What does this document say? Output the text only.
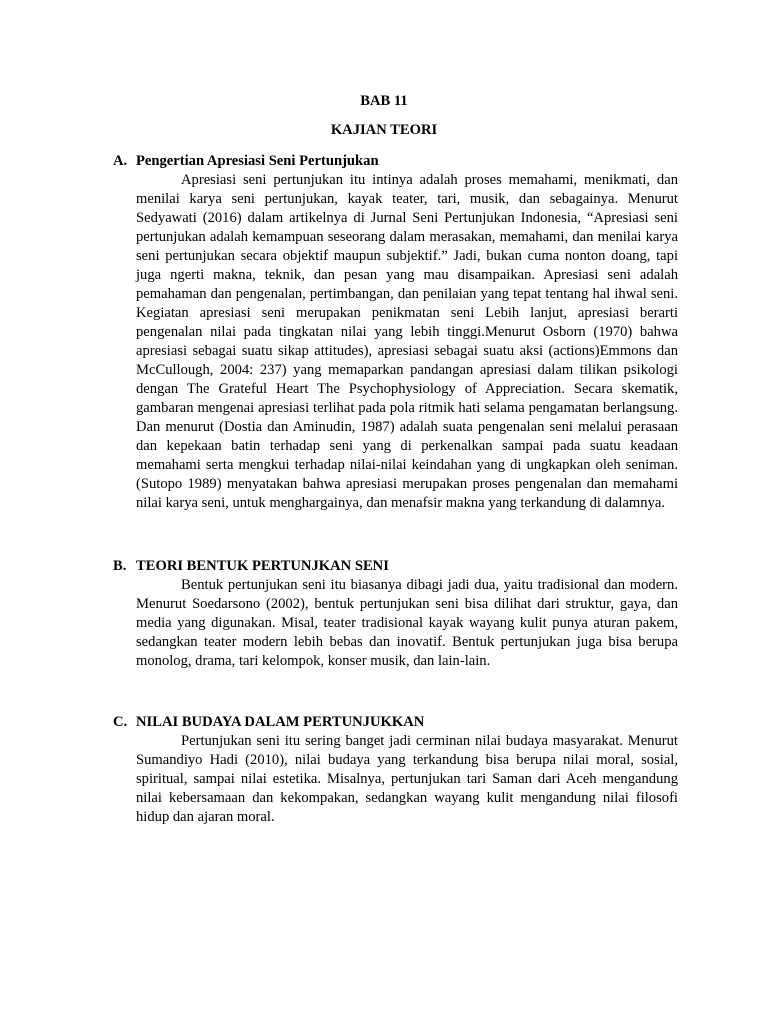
BAB 11
KAJIAN TEORI
A. Pengertian Apresiasi Seni Pertunjukan
Apresiasi seni pertunjukan itu intinya adalah proses memahami, menikmati, dan menilai karya seni pertunjukan, kayak teater, tari, musik, dan sebagainya. Menurut Sedyawati (2016) dalam artikelnya di Jurnal Seni Pertunjukan Indonesia, “Apresiasi seni pertunjukan adalah kemampuan seseorang dalam merasakan, memahami, dan menilai karya seni pertunjukan secara objektif maupun subjektif.” Jadi, bukan cuma nonton doang, tapi juga ngerti makna, teknik, dan pesan yang mau disampaikan. Apresiasi seni adalah pemahaman dan pengenalan, pertimbangan, dan penilaian yang tepat tentang hal ihwal seni. Kegiatan apresiasi seni merupakan penikmatan seni Lebih lanjut, apresiasi berarti pengenalan nilai pada tingkatan nilai yang lebih tinggi.Menurut Osborn (1970) bahwa apresiasi sebagai suatu sikap attitudes), apresiasi sebagai suatu aksi (actions)Emmons dan McCullough, 2004: 237) yang memaparkan pandangan apresiasi dalam tilikan psikologi dengan The Grateful Heart The Psychophysiology of Appreciation. Secara skematik, gambaran mengenai apresiasi terlihat pada pola ritmik hati selama pengamatan berlangsung. Dan menurut (Dostia dan Aminudin, 1987) adalah suata pengenalan seni melalui perasaan dan kepekaan batin terhadap seni yang di perkenalkan sampai pada suatu keadaan memahami serta mengkui terhadap nilai-nilai keindahan yang di ungkapkan oleh seniman. (Sutopo 1989) menyatakan bahwa apresiasi merupakan proses pengenalan dan memahami nilai karya seni, untuk menghargainya, dan menafsir makna yang terkandung di dalamnya.
B. TEORI BENTUK PERTUNJKAN SENI
Bentuk pertunjukan seni itu biasanya dibagi jadi dua, yaitu tradisional dan modern. Menurut Soedarsono (2002), bentuk pertunjukan seni bisa dilihat dari struktur, gaya, dan media yang digunakan. Misal, teater tradisional kayak wayang kulit punya aturan pakem, sedangkan teater modern lebih bebas dan inovatif. Bentuk pertunjukan juga bisa berupa monolog, drama, tari kelompok, konser musik, dan lain-lain.
C. NILAI BUDAYA DALAM PERTUNJUKKAN
Pertunjukan seni itu sering banget jadi cerminan nilai budaya masyarakat. Menurut Sumandiyo Hadi (2010), nilai budaya yang terkandung bisa berupa nilai moral, sosial, spiritual, sampai nilai estetika. Misalnya, pertunjukan tari Saman dari Aceh mengandung nilai kebersamaan dan kekompakan, sedangkan wayang kulit mengandung nilai filosofi hidup dan ajaran moral.
